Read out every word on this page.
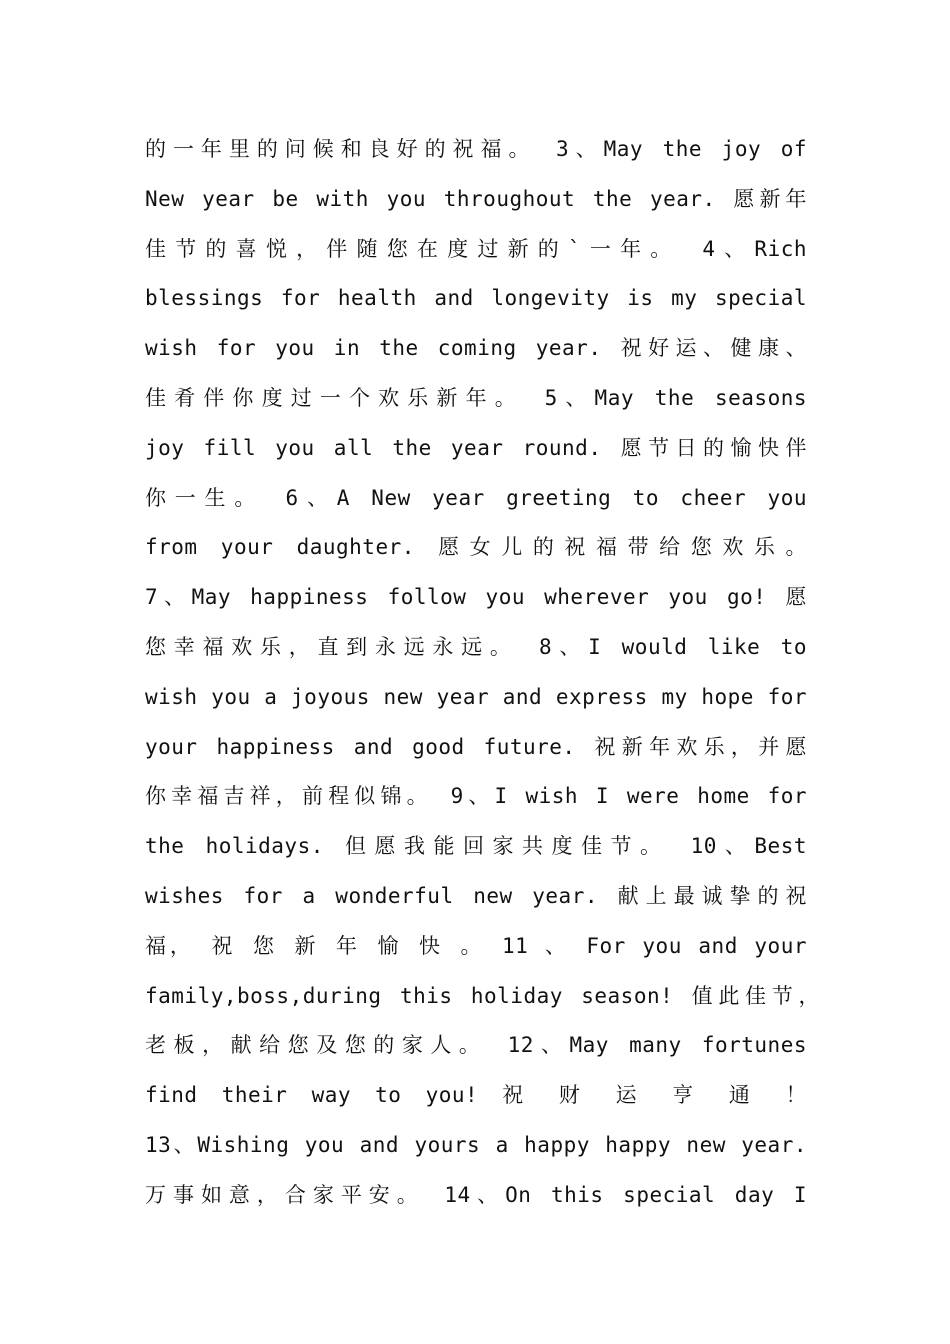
的一年里的问候和良好的祝福。 3、May the joy of
New year be with you throughout the year. 愿新年
佳节的喜悦，伴随您在度过新的`一年。 4、Rich
blessings for health and longevity is my special
wish for you in the coming year. 祝好运、健康、
佳肴伴你度过一个欢乐新年。 5、May the seasons
joy fill you all the year round. 愿节日的愉快伴
你一生。 6、A New year greeting to cheer you
from your daughter. 愿女儿的祝福带给您欢乐。
7、May happiness follow you wherever you go! 愿
您幸福欢乐，直到永远永远。 8、I would like to
wish you a joyous new year and express my hope for
your happiness and good future. 祝新年欢乐，并愿
你幸福吉祥，前程似锦。 9、I wish I were home for
the holidays. 但愿我能回家共度佳节。 10、Best
wishes for a wonderful new year. 献上最诚挚的祝
福， 祝 您 新 年 愉 快 。 11 、 For you and your
family,boss,during this holiday season! 值此佳节，
老板，献给您及您的家人。 12、May many fortunes
find their way to you! 祝 财 运 亨 通 ！
13、Wishing you and yours a happy happy new year.
万事如意，合家平安。 14、On this special day I
